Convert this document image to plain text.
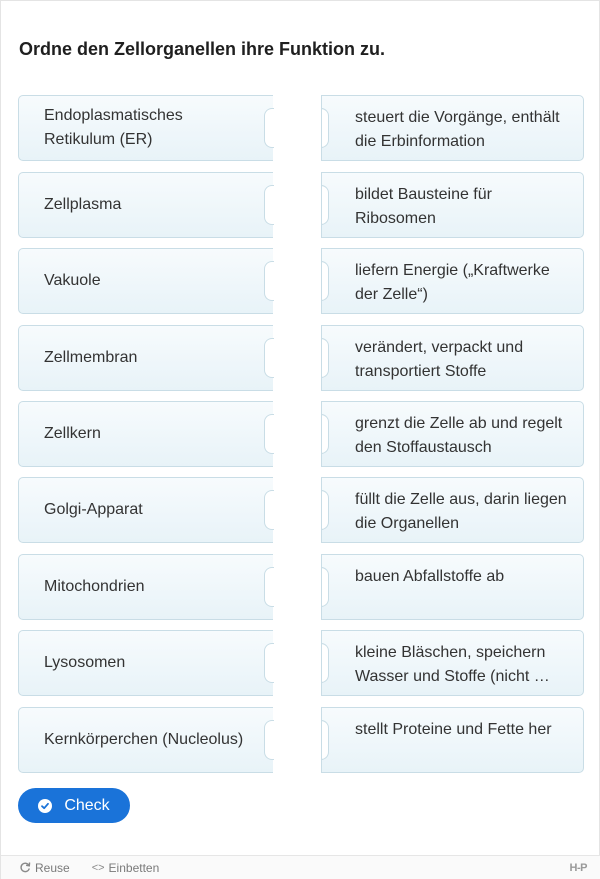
Ordne den Zellorganellen ihre Funktion zu.
Endoplasmatisches Retikulum (ER)
steuert die Vorgänge, enthält die Erbinformation
Zellplasma
bildet Bausteine für Ribosomen
Vakuole
liefern Energie („Kraftwerke der Zelle“)
Zellmembran
verändert, verpackt und transportiert Stoffe
Zellkern
grenzt die Zelle ab und regelt den Stoffaustausch
Golgi-Apparat
füllt die Zelle aus, darin liegen die Organellen
Mitochondrien
bauen Abfallstoffe ab
Lysosomen
kleine Bläschen, speichern Wasser und Stoffe (nicht …
Kernkörperchen (Nucleolus)
stellt Proteine und Fette her
Check
Reuse <> Einbetten	H-P
